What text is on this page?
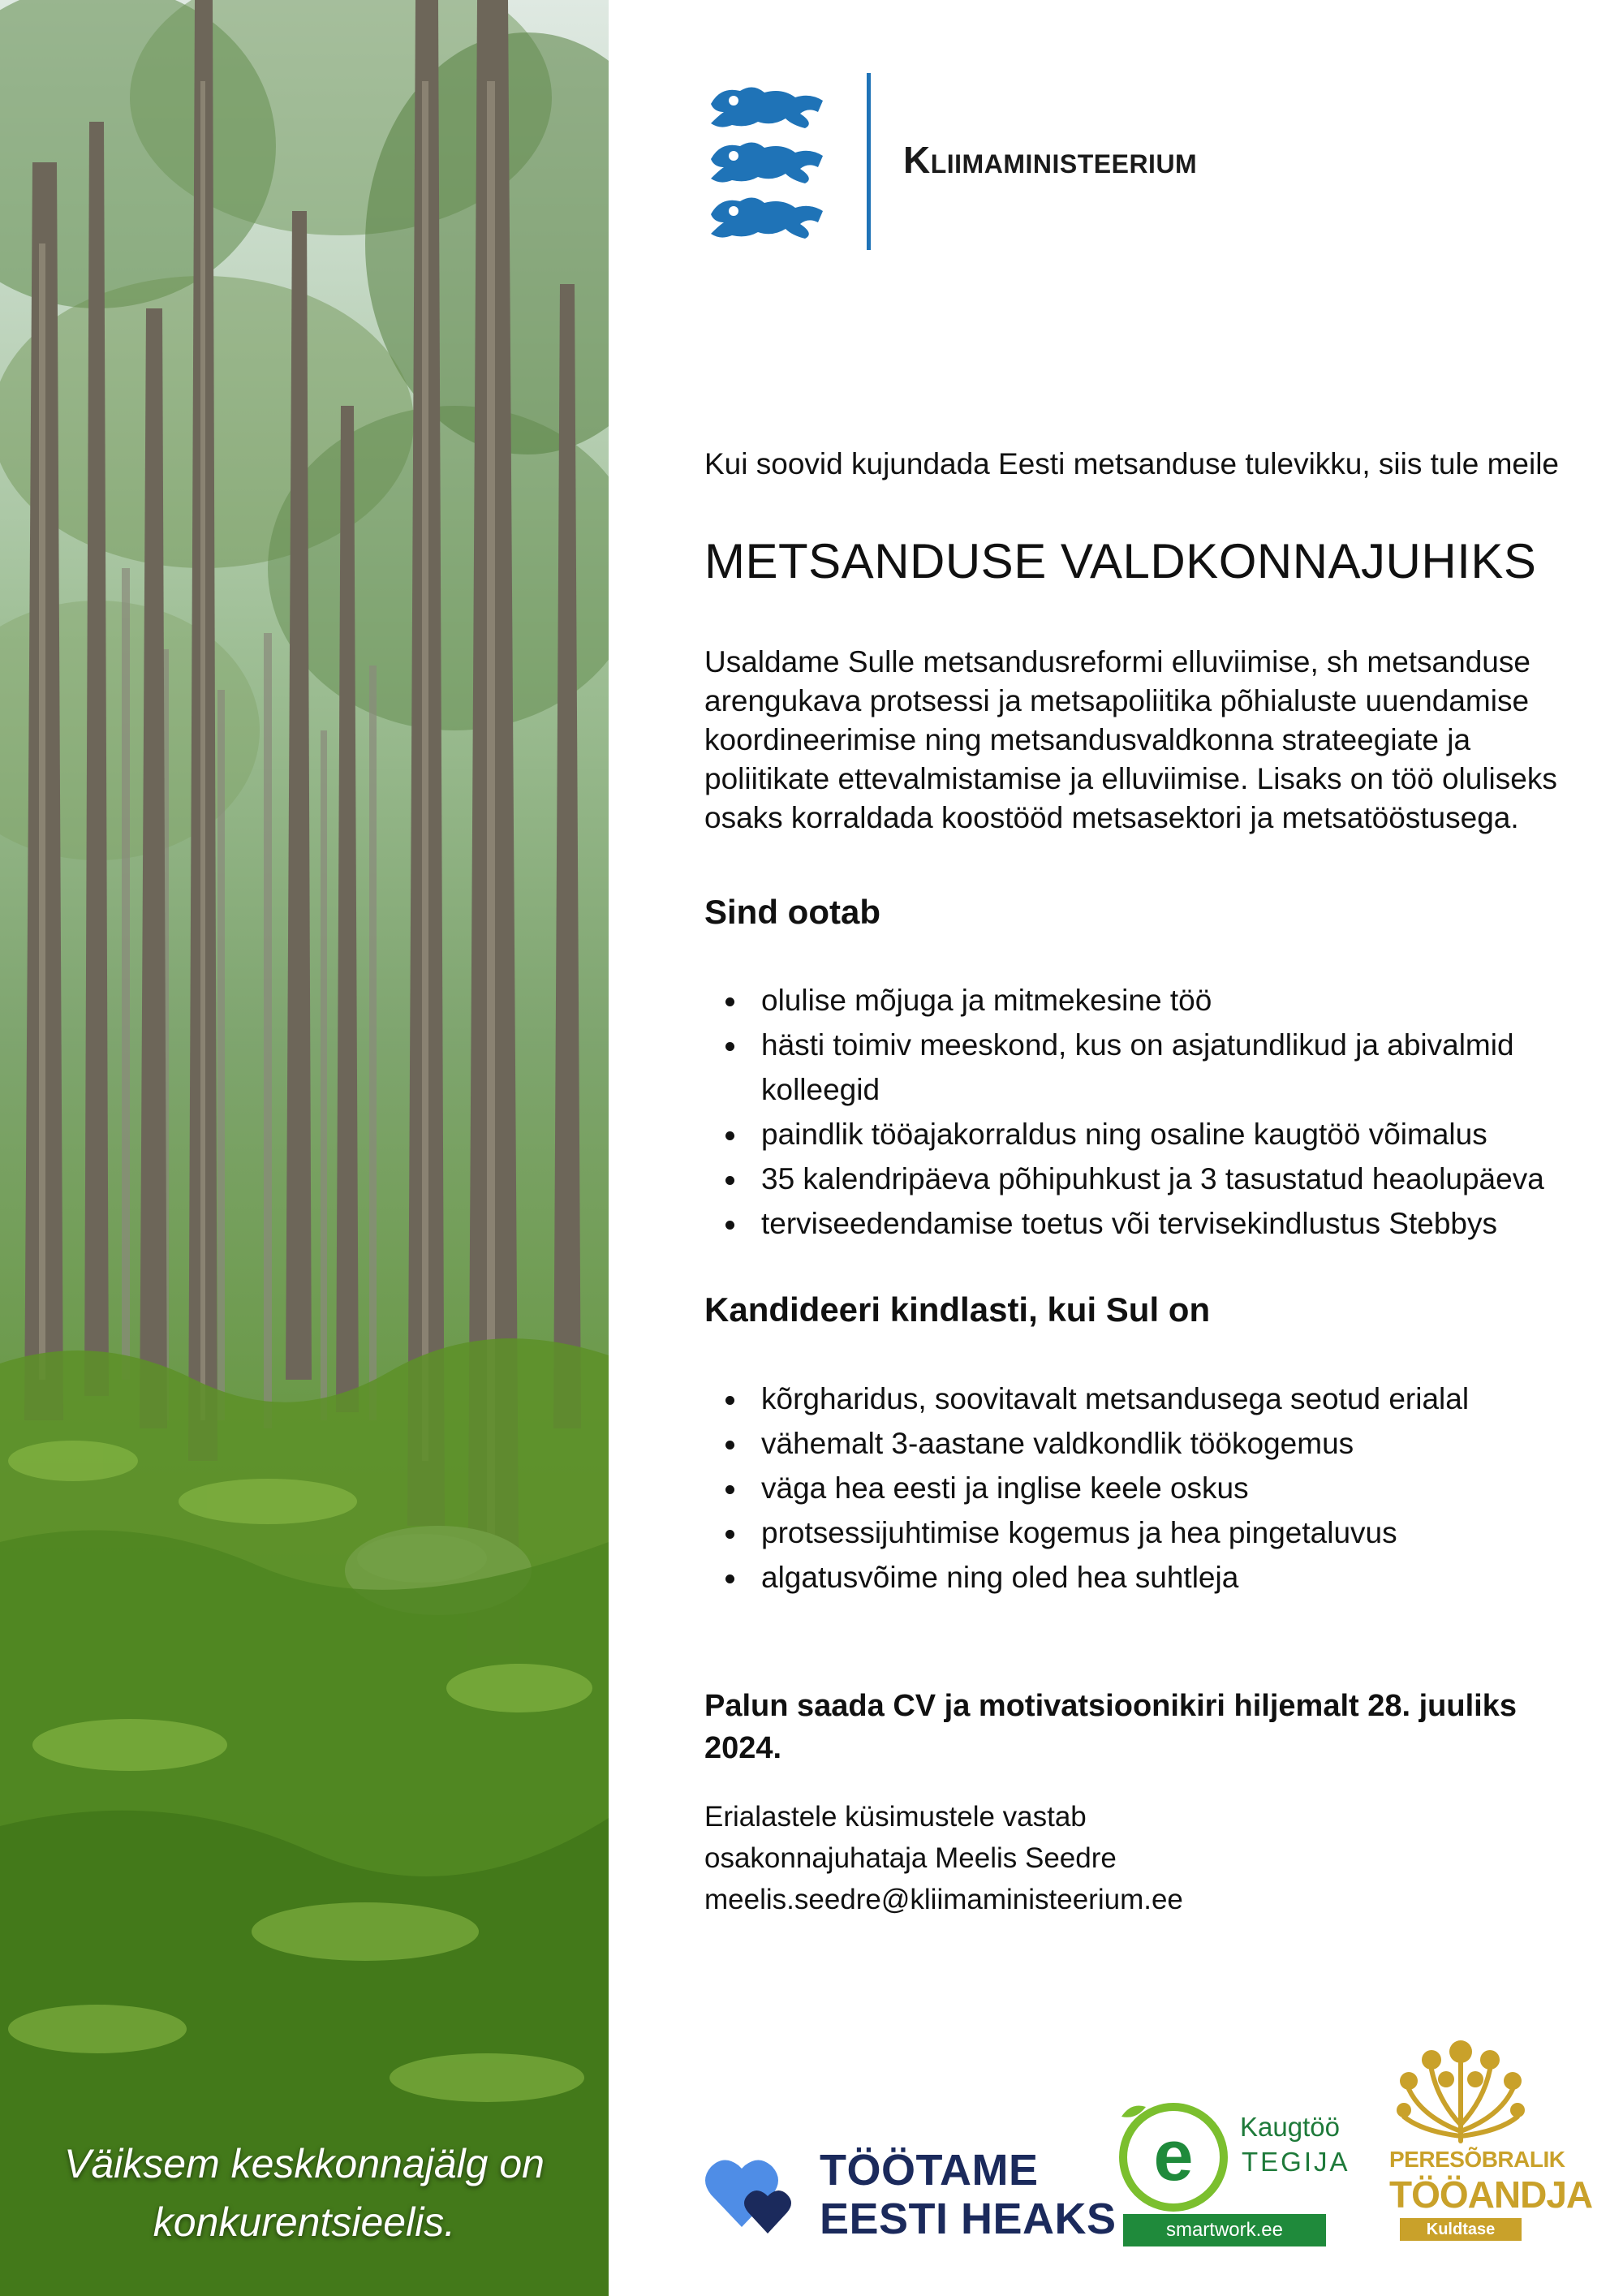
Väiksem keskkonnajälg on
konkurentsieelis.
Kliimaministeerium
Kui soovid kujundada Eesti metsanduse tulevikku, siis tule meile
METSANDUSE VALDKONNAJUHIKS

Usaldame Sulle metsandusreformi elluviimise, sh metsanduse arengukava protsessi ja metsapoliitika põhialuste uuendamise koordineerimise ning metsandusvaldkonna strateegiate ja poliitikate ettevalmistamise ja elluviimise. Lisaks on töö oluliseks osaks korraldada koostööd metsasektori ja metsatööstusega.

Sind ootab
olulise mõjuga ja mitmekesine töö
hästi toimiv meeskond, kus on asjatundlikud ja abivalmid kolleegid
paindlik tööajakorraldus ning osaline kaugtöö võimalus
35 kalendripäeva põhipuhkust ja 3 tasustatud heaolupäeva
terviseedendamise toetus või tervisekindlustus Stebbys
Kandideeri kindlasti, kui Sul on
kõrgharidus, soovitavalt metsandusega seotud erialal
vähemalt 3-aastane valdkondlik töökogemus
väga hea eesti ja inglise keele oskus
protsessijuhtimise kogemus ja hea pingetaluvus
algatusvõime ning oled hea suhtleja
Palun saada CV ja motivatsioonikiri hiljemalt 28. juuliks 2024.
Erialastele küsimustele vastab
osakonnajuhataja Meelis Seedre
meelis.seedre@kliimaministeerium.ee
TÖÖTAME
EESTI HEAKS
e Kaugtöö
TEGIJA
smartwork.ee
PERESÕBRALIK
TÖÖANDJA
Kuldtase
